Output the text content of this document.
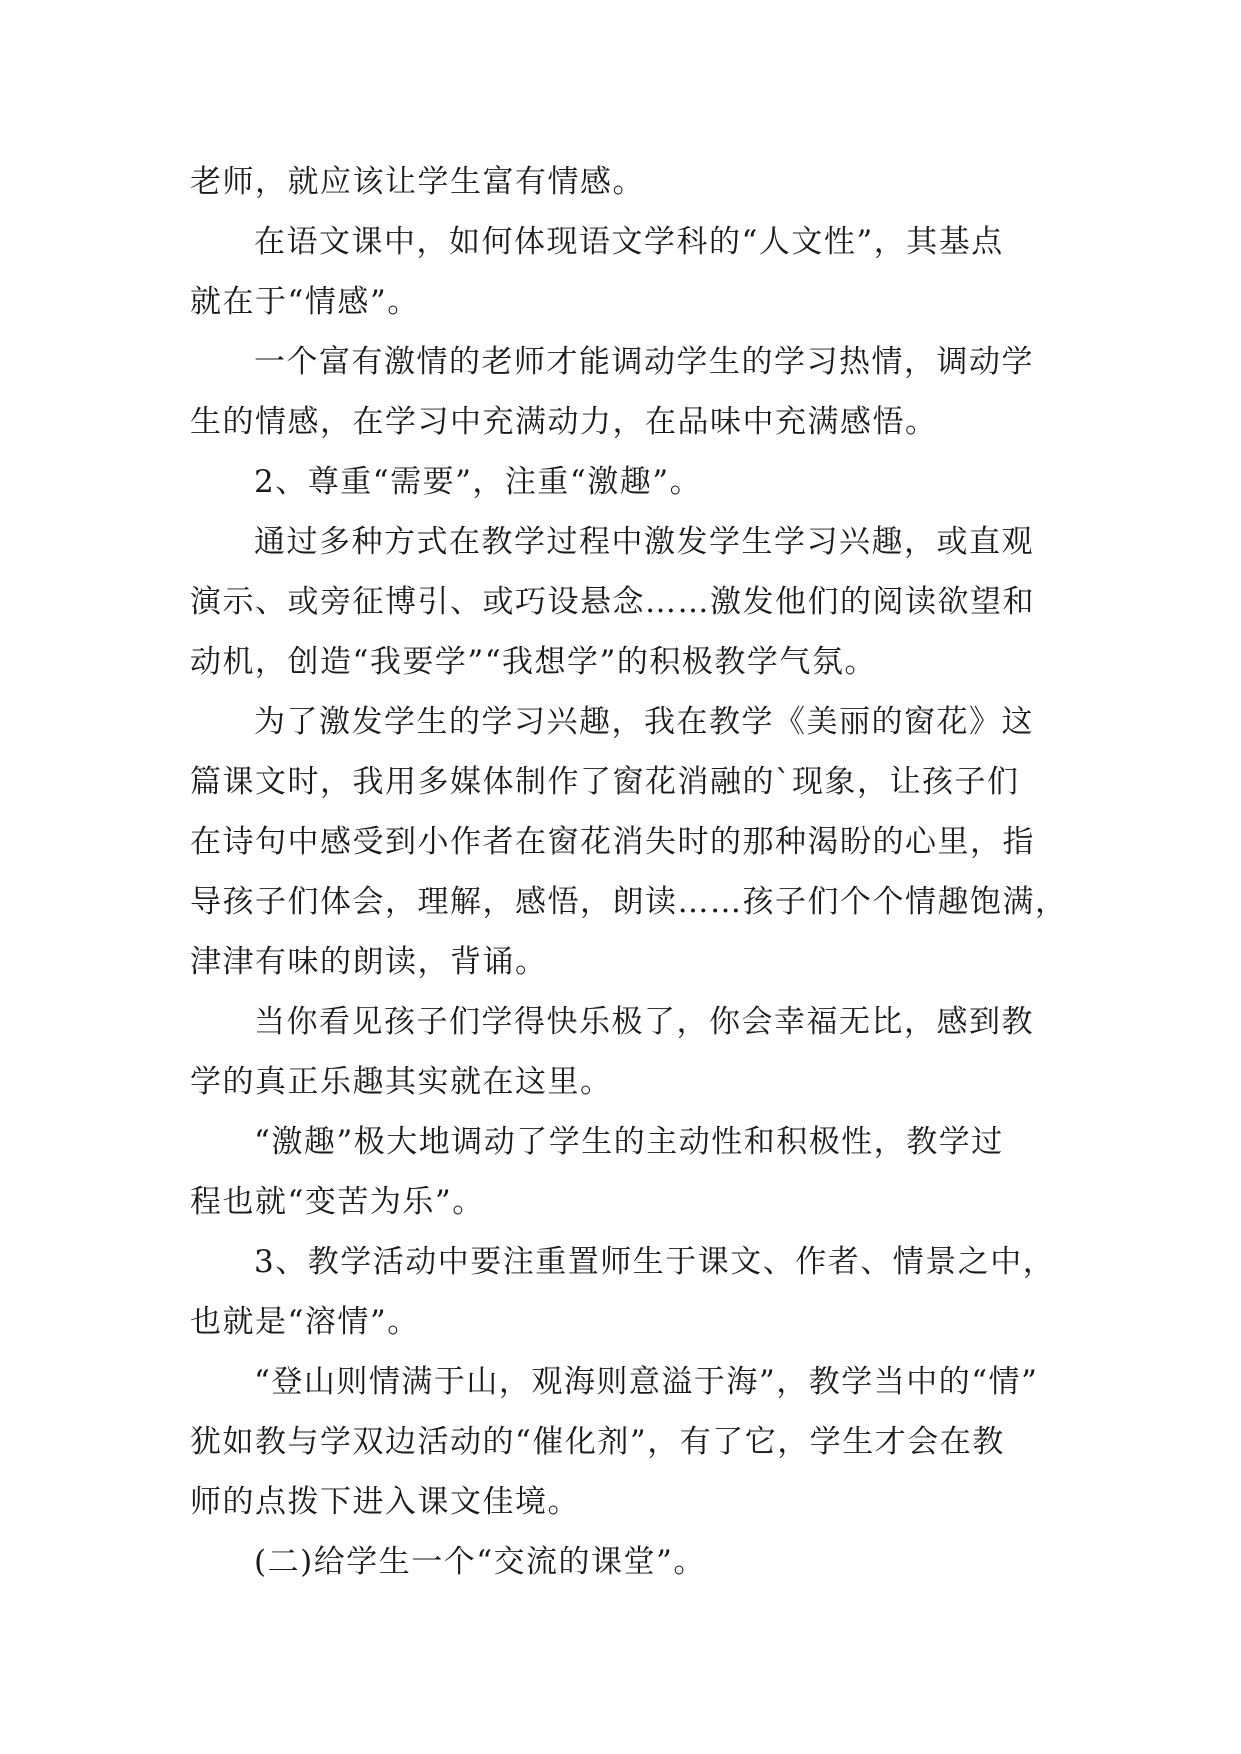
老师，就应该让学生富有情感。
在语文课中，如何体现语文学科的“人文性”，其基点
就在于“情感”。
一个富有激情的老师才能调动学生的学习热情，调动学
生的情感，在学习中充满动力，在品味中充满感悟。
2、尊重“需要”，注重“激趣”。
通过多种方式在教学过程中激发学生学习兴趣，或直观
演示、或旁征博引、或巧设悬念……激发他们的阅读欲望和
动机，创造“我要学”“我想学”的积极教学气氛。
为了激发学生的学习兴趣，我在教学《美丽的窗花》这
篇课文时，我用多媒体制作了窗花消融的`现象，让孩子们
在诗句中感受到小作者在窗花消失时的那种渴盼的心里，指
导孩子们体会，理解，感悟，朗读……孩子们个个情趣饱满，
津津有味的朗读，背诵。
当你看见孩子们学得快乐极了，你会幸福无比，感到教
学的真正乐趣其实就在这里。
“激趣”极大地调动了学生的主动性和积极性，教学过
程也就“变苦为乐”。
3、教学活动中要注重置师生于课文、作者、情景之中，
也就是“溶情”。
“登山则情满于山，观海则意溢于海”，教学当中的“情”
犹如教与学双边活动的“催化剂”，有了它，学生才会在教
师的点拨下进入课文佳境。
(二)给学生一个“交流的课堂”。
